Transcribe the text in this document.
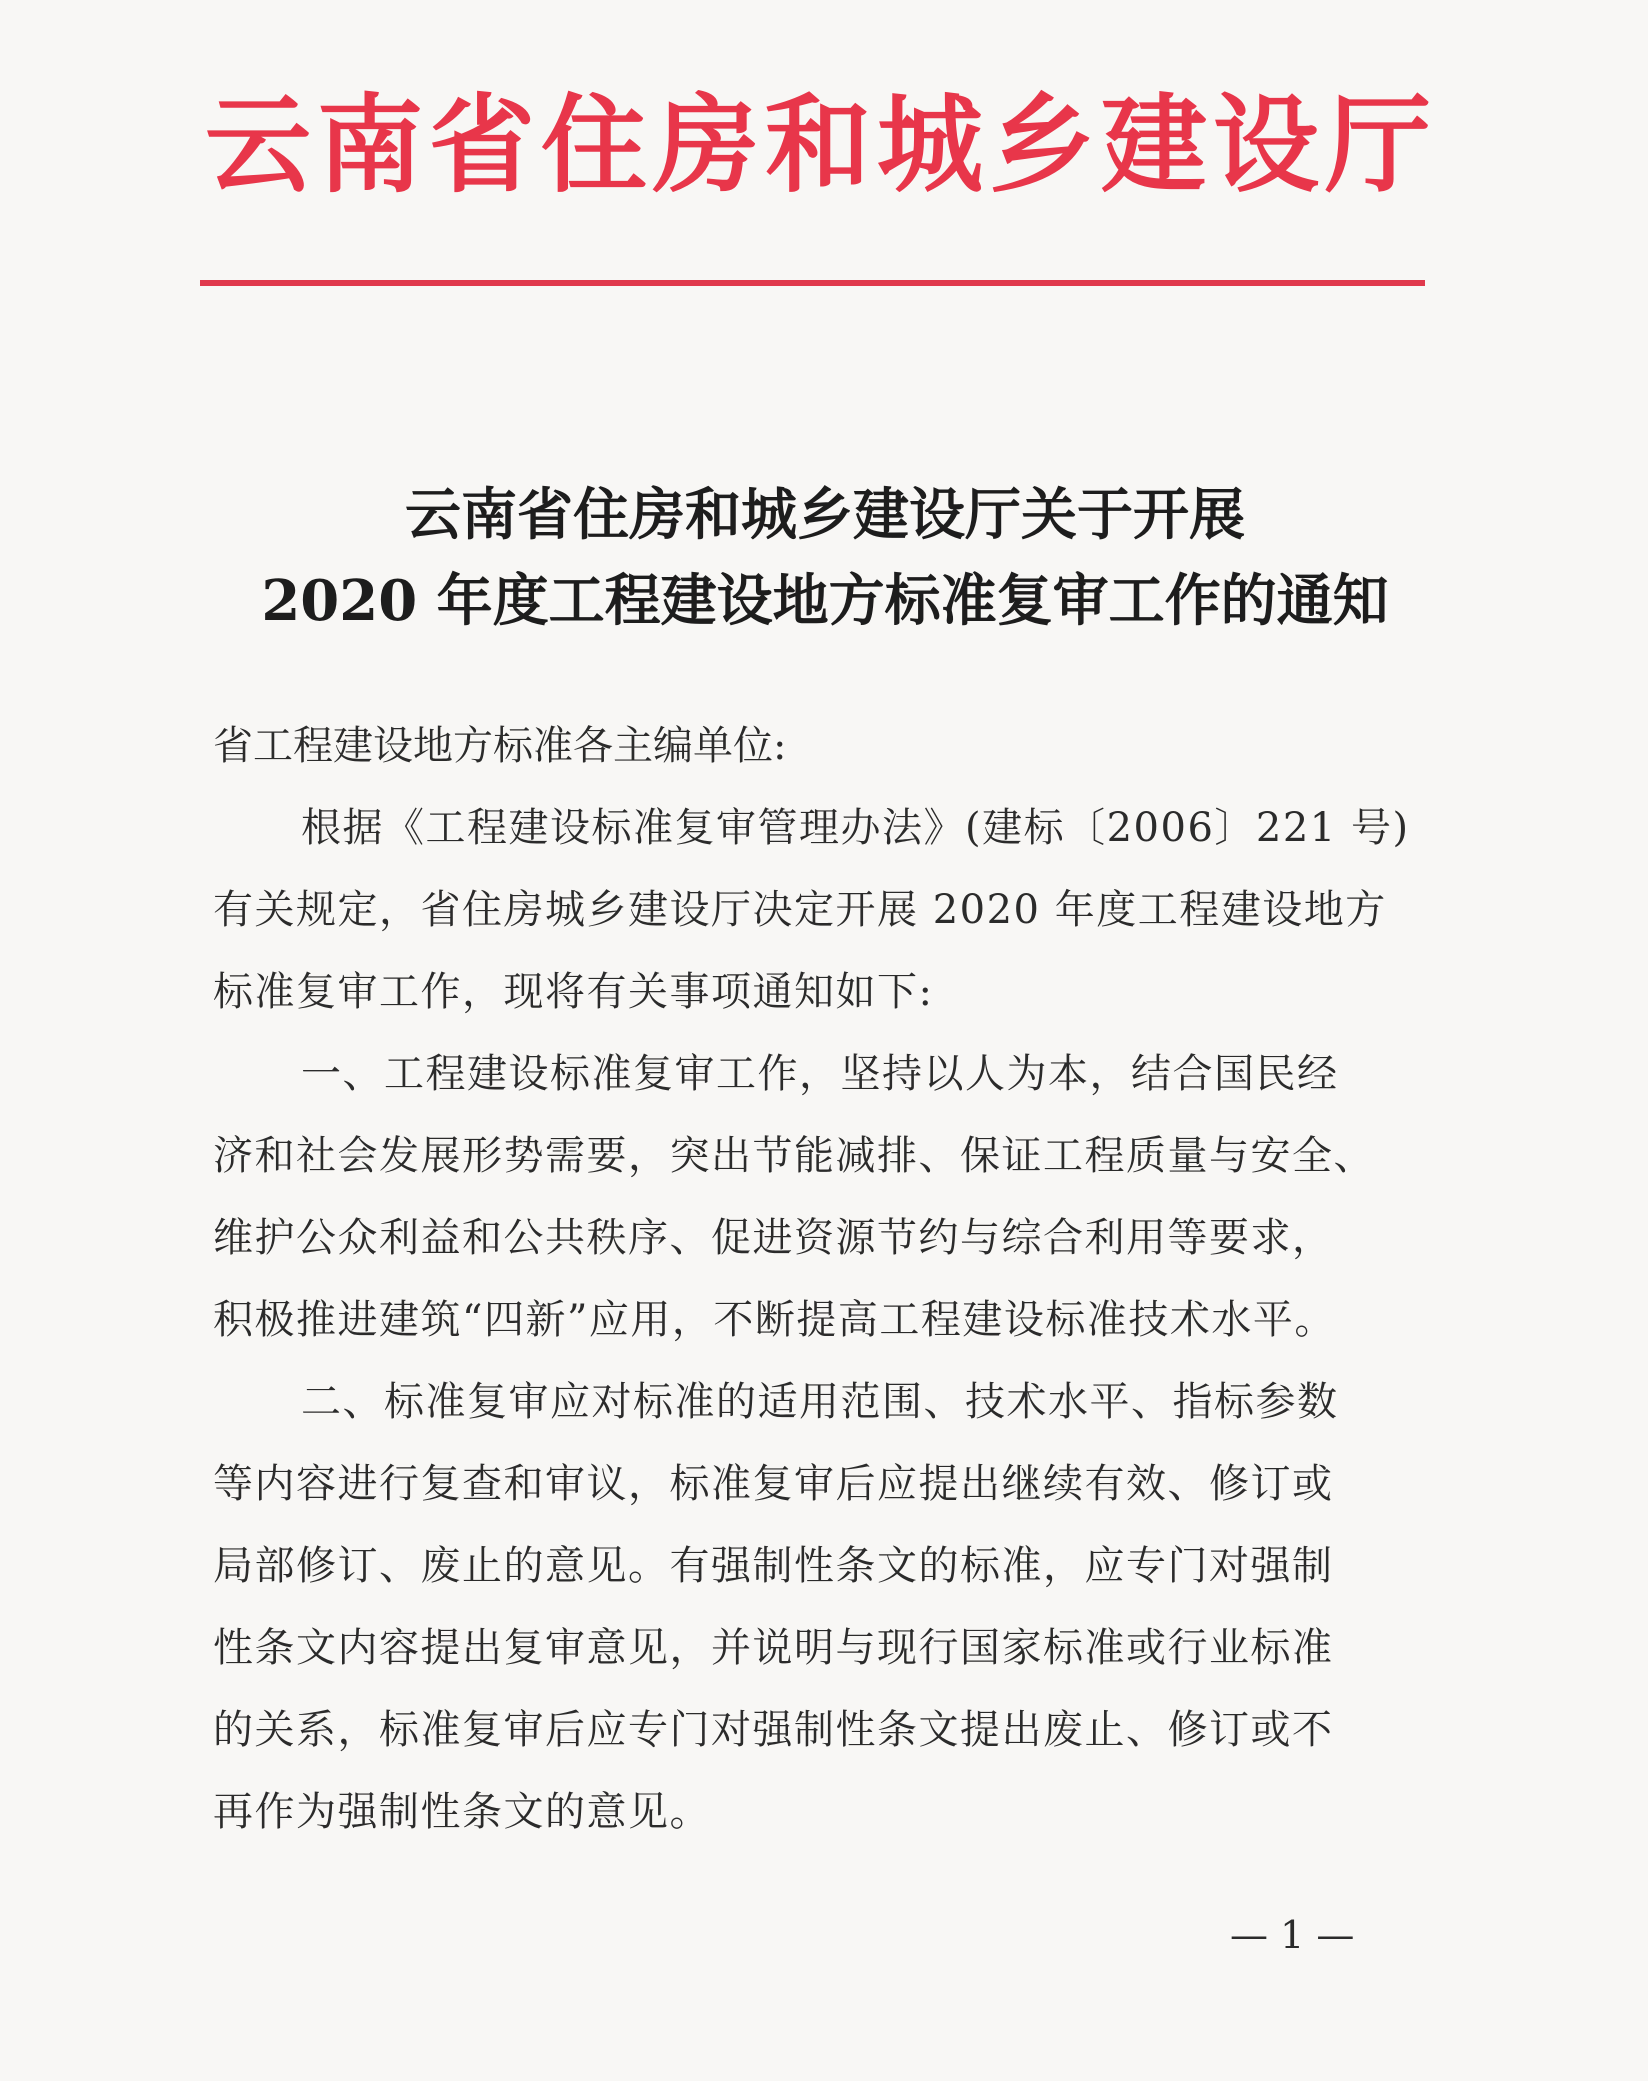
云南省住房和城乡建设厅
云南省住房和城乡建设厅关于开展
2020 年度工程建设地方标准复审工作的通知
省工程建设地方标准各主编单位:
根据《工程建设标准复审管理办法》(建标〔2006〕221 号)
有关规定，省住房城乡建设厅决定开展 2020 年度工程建设地方
标准复审工作，现将有关事项通知如下:
一、工程建设标准复审工作，坚持以人为本，结合国民经
济和社会发展形势需要，突出节能减排、保证工程质量与安全、
维护公众利益和公共秩序、促进资源节约与综合利用等要求，
积极推进建筑“四新”应用，不断提高工程建设标准技术水平。
二、标准复审应对标准的适用范围、技术水平、指标参数
等内容进行复查和审议，标准复审后应提出继续有效、修订或
局部修订、废止的意见。有强制性条文的标准，应专门对强制
性条文内容提出复审意见，并说明与现行国家标准或行业标准
的关系，标准复审后应专门对强制性条文提出废止、修订或不
再作为强制性条文的意见。
— 1 —
